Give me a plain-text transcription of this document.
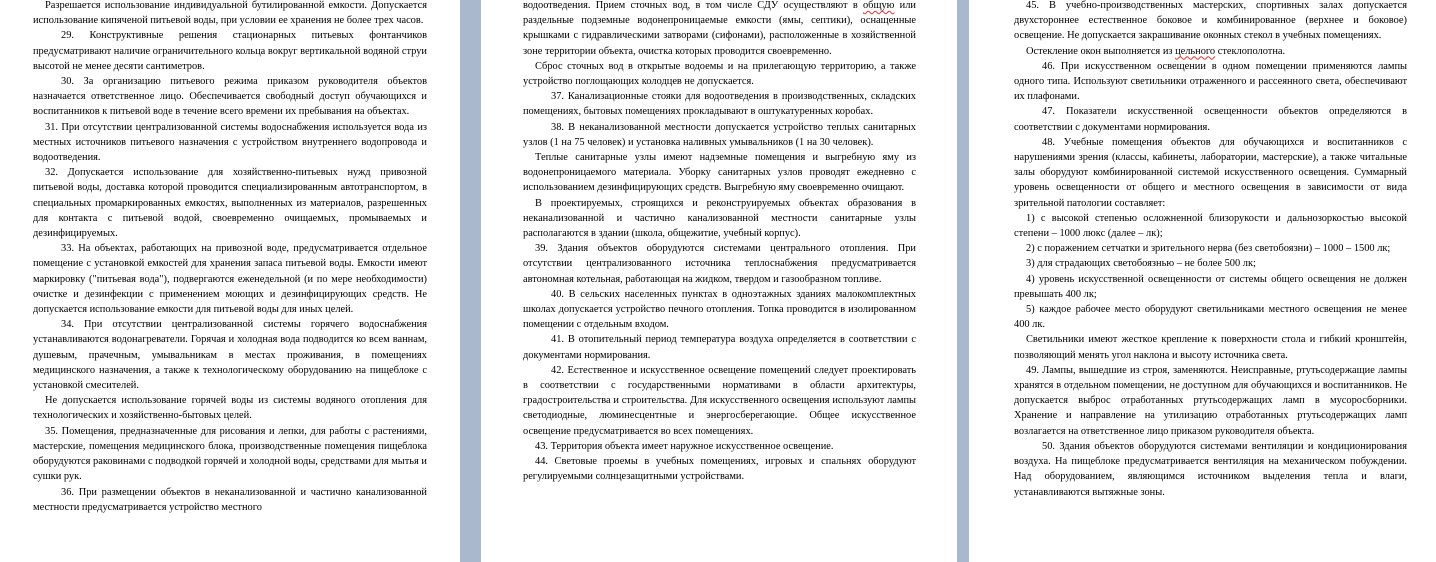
Разрешается использование индивидуальной бутилированной емкости. Допускается использование кипяченой питьевой воды, при условии ее хранения не более трех часов.

29. Конструктивные решения стационарных питьевых фонтанчиков предусматривают наличие ограничительного кольца вокруг вертикальной водяной струи высотой не менее десяти сантиметров.

30. За организацию питьевого режима приказом руководителя объектов назначается ответственное лицо. Обеспечивается свободный доступ обучающихся и воспитанников к питьевой воде в течение всего времени их пребывания на объектах.

31. При отсутствии централизованной системы водоснабжения используется вода из местных источников питьевого назначения с устройством внутреннего водопровода и водоотведения.

32. Допускается использование для хозяйственно-питьевых нужд привозной питьевой воды, доставка которой проводится специализированным автотранспортом, в специальных промаркированных емкостях, выполненных из материалов, разрешенных для контакта с питьевой водой, своевременно очищаемых, промываемых и дезинфицируемых.

33. На объектах, работающих на привозной воде, предусматривается отдельное помещение с установкой емкостей для хранения запаса питьевой воды. Емкости имеют маркировку ("питьевая вода"), подвергаются еженедельной (и по мере необходимости) очистке и дезинфекции с применением моющих и дезинфицирующих средств. Не допускается использование емкости для питьевой воды для иных целей.

34. При отсутствии централизованной системы горячего водоснабжения устанавливаются водонагреватели. Горячая и холодная вода подводится ко всем ваннам, душевым, прачечным, умывальникам в местах проживания, в помещениях медицинского назначения, а также к технологическому оборудованию на пищеблоке с установкой смесителей.

Не допускается использование горячей воды из системы водяного отопления для технологических и хозяйственно-бытовых целей.

35. Помещения, предназначенные для рисования и лепки, для работы с растениями, мастерские, помещения медицинского блока, производственные помещения пищеблока оборудуются раковинами с подводкой горячей и холодной воды, средствами для мытья и сушки рук.

36. При размещении объектов в неканализованной и частично канализованной местности предусматривается устройство местного

водоотведения. Прием сточных вод, в том числе СДУ осуществляют в общую или раздельные подземные водонепроницаемые емкости (ямы, септики), оснащенные крышками с гидравлическими затворами (сифонами), расположенные в хозяйственной зоне территории объекта, очистка которых проводится своевременно.

Сброс сточных вод в открытые водоемы и на прилегающую территорию, а также устройство поглощающих колодцев не допускается.

37. Канализационные стояки для водоотведения в производственных, складских помещениях, бытовых помещениях прокладывают в оштукатуренных коробах.

38. В неканализованной местности допускается устройство теплых санитарных узлов (1 на 75 человек) и установка наливных умывальников (1 на 30 человек).

Теплые санитарные узлы имеют надземные помещения и выгребную яму из водонепроницаемого материала. Уборку санитарных узлов проводят ежедневно с использованием дезинфицирующих средств. Выгребную яму своевременно очищают.

В проектируемых, строящихся и реконструируемых объектах образования в неканализованной и частично канализованной местности санитарные узлы располагаются в здании (школа, общежитие, учебный корпус).

39. Здания объектов оборудуются системами центрального отопления. При отсутствии централизованного источника теплоснабжения предусматривается автономная котельная, работающая на жидком, твердом и газообразном топливе.

40. В сельских населенных пунктах в одноэтажных зданиях малокомплектных школах допускается устройство печного отопления. Топка проводится в изолированном помещении с отдельным входом.

41. В отопительный период температура воздуха определяется в соответствии с документами нормирования.

42. Естественное и искусственное освещение помещений следует проектировать в соответствии с государственными нормативами в области архитектуры, градостроительства и строительства. Для искусственного освещения используют лампы светодиодные, люминесцентные и энергосберегающие. Общее искусственное освещение предусматривается во всех помещениях.

43. Территория объекта имеет наружное искусственное освещение.

44. Световые проемы в учебных помещениях, игровых и спальнях оборудуют регулируемыми солнцезащитными устройствами.

45. В учебно-производственных мастерских, спортивных залах допускается двухстороннее естественное боковое и комбинированное (верхнее и боковое) освещение. Не допускается закрашивание оконных стекол в учебных помещениях.

Остекление окон выполняется из цельного стеклополотна.

46. При искусственном освещении в одном помещении применяются лампы одного типа. Используют светильники отраженного и рассеянного света, обеспечивают их плафонами.

47. Показатели искусственной освещенности объектов определяются в соответствии с документами нормирования.

48. Учебные помещения объектов для обучающихся и воспитанников с нарушениями зрения (классы, кабинеты, лаборатории, мастерские), а также читальные залы оборудуют комбинированной системой искусственного освещения. Суммарный уровень освещенности от общего и местного освещения в зависимости от вида зрительной патологии составляет:

1) с высокой степенью осложненной близорукости и дальнозоркостью высокой степени – 1000 люкс (далее – лк);

2) с поражением сетчатки и зрительного нерва (без светобоязни) – 1000 – 1500 лк;

3) для страдающих светобоязнью – не более 500 лк;

4) уровень искусственной освещенности от системы общего освещения не должен превышать 400 лк;

5) каждое рабочее место оборудуют светильниками местного освещения не менее 400 лк.

Светильники имеют жесткое крепление к поверхности стола и гибкий кронштейн, позволяющий менять угол наклона и высоту источника света.

49. Лампы, вышедшие из строя, заменяются. Неисправные, ртутьсодержащие лампы хранятся в отдельном помещении, не доступном для обучающихся и воспитанников. Не допускается выброс отработанных ртутьсодержащих ламп в мусоросборники. Хранение и направление на утилизацию отработанных ртутьсодержащих ламп возлагается на ответственное лицо приказом руководителя объекта.

50. Здания объектов оборудуются системами вентиляции и кондиционирования воздуха. На пищеблоке предусматривается вентиляция на механическом побуждении. Над оборудованием, являющимся источником выделения тепла и влаги, устанавливаются вытяжные зоны.
